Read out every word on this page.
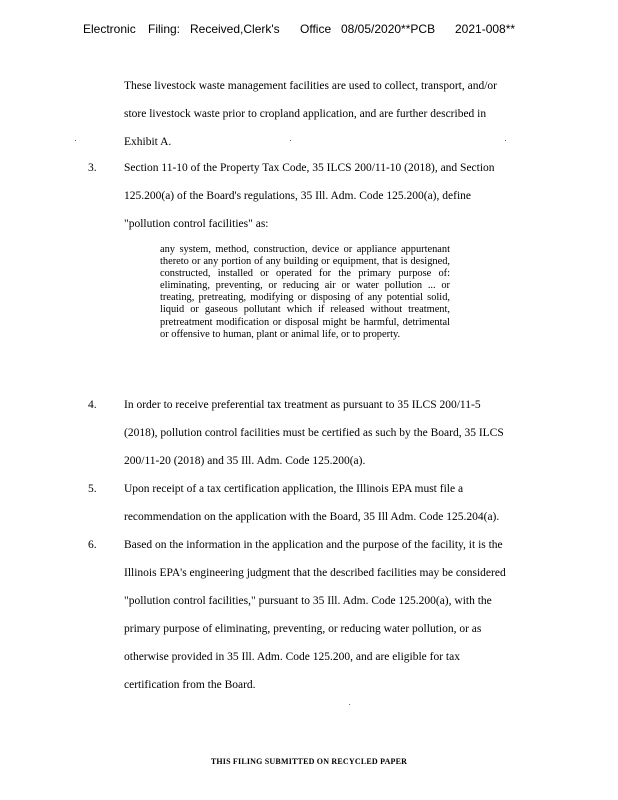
Electronic Filing: Received,Clerk's Office 08/05/2020**PCB 2021-008**
These livestock waste management facilities are used to collect, transport, and/or
store livestock waste prior to cropland application, and are further described in
Exhibit A.
3. Section 11-10 of the Property Tax Code, 35 ILCS 200/11-10 (2018), and Section
125.200(a) of the Board's regulations, 35 Ill. Adm. Code 125.200(a), define
"pollution control facilities" as:
any system, method, construction, device or appliance appurtenant thereto or any portion of any building or equipment, that is designed, constructed, installed or operated for the primary purpose of: eliminating, preventing, or reducing air or water pollution ... or treating, pretreating, modifying or disposing of any potential solid, liquid or gaseous pollutant which if released without treatment, pretreatment modification or disposal might be harmful, detrimental or offensive to human, plant or animal life, or to property.
4. In order to receive preferential tax treatment as pursuant to 35 ILCS 200/11-5
(2018), pollution control facilities must be certified as such by the Board, 35 ILCS
200/11-20 (2018) and 35 Ill. Adm. Code 125.200(a).
5. Upon receipt of a tax certification application, the Illinois EPA must file a
recommendation on the application with the Board, 35 Ill Adm. Code 125.204(a).
6. Based on the information in the application and the purpose of the facility, it is the
Illinois EPA's engineering judgment that the described facilities may be considered
"pollution control facilities," pursuant to 35 Ill. Adm. Code 125.200(a), with the
primary purpose of eliminating, preventing, or reducing water pollution, or as
otherwise provided in 35 Ill. Adm. Code 125.200, and are eligible for tax
certification from the Board.
THIS FILING SUBMITTED ON RECYCLED PAPER
